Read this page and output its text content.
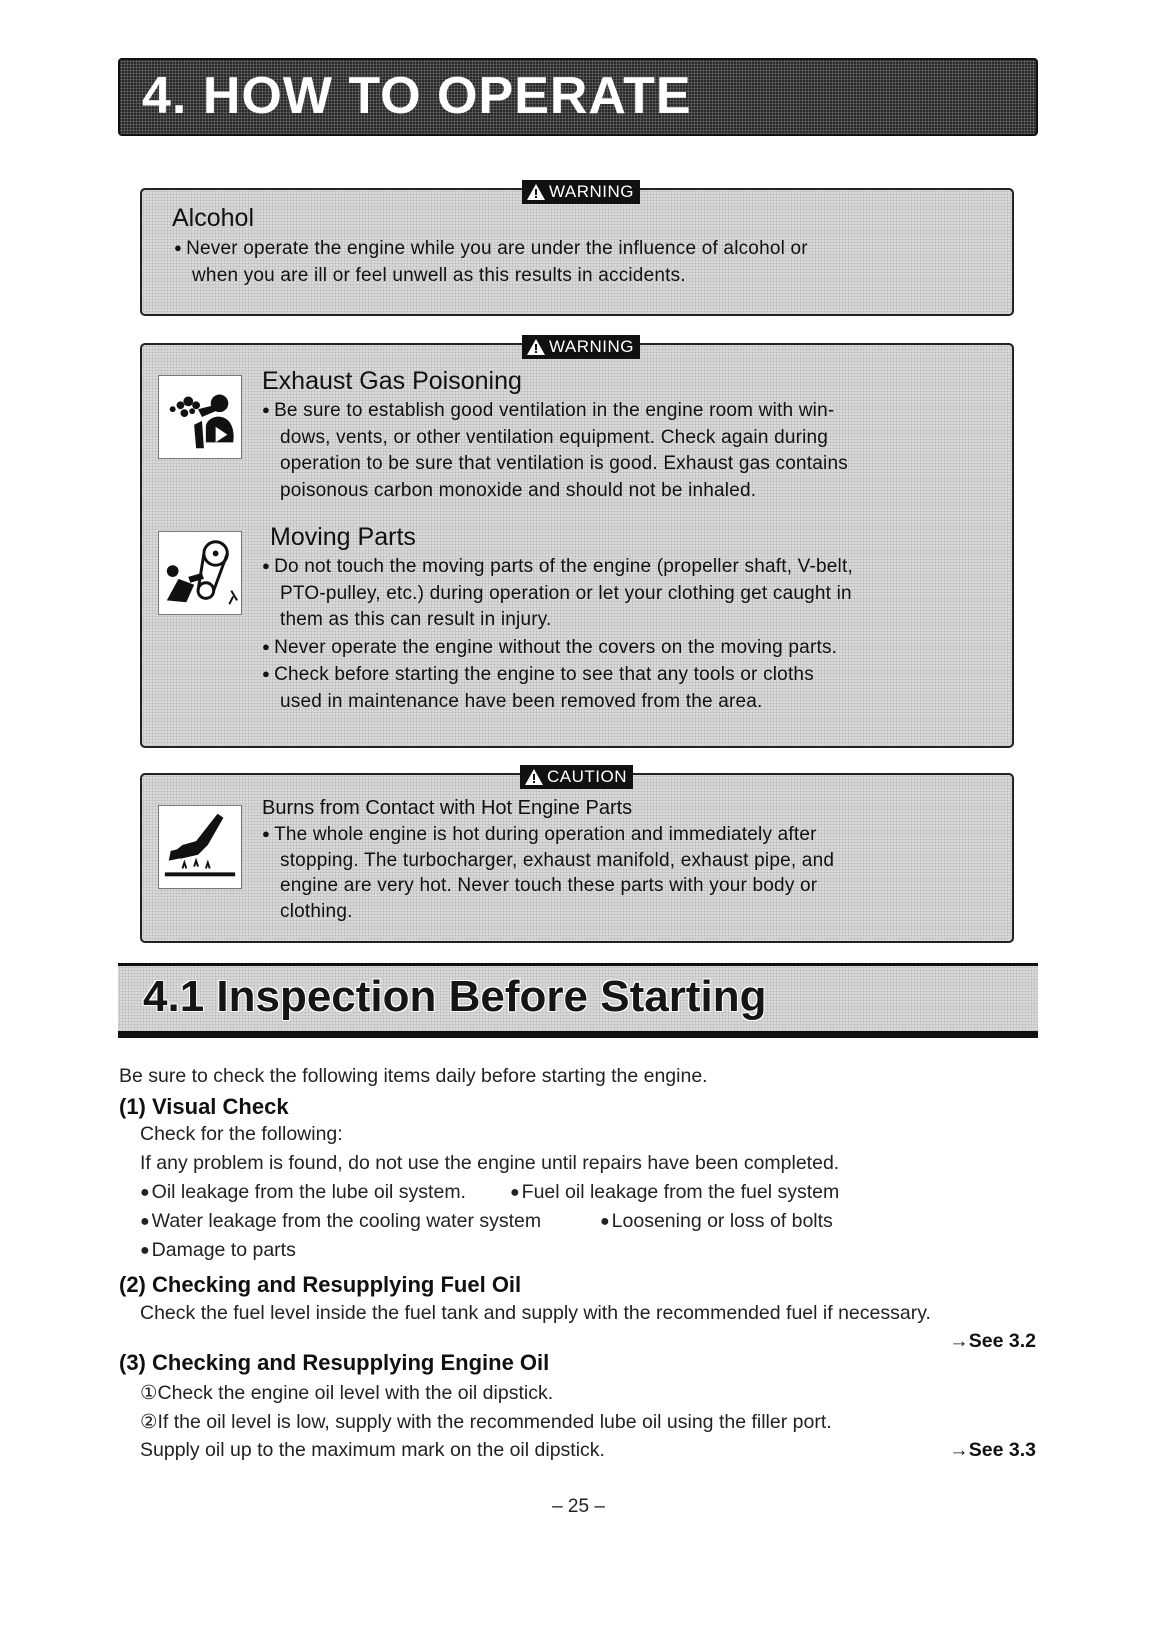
4. HOW TO OPERATE
WARNING
Alcohol
● Never operate the engine while you are under the influence of alcohol or
when you are ill or feel unwell as this results in accidents.
WARNING
Exhaust Gas Poisoning
● Be sure to establish good ventilation in the engine room with win-
dows, vents, or other ventilation equipment. Check again during
operation to be sure that ventilation is good. Exhaust gas contains
poisonous carbon monoxide and should not be inhaled.
Moving Parts
● Do not touch the moving parts of the engine (propeller shaft, V-belt,
PTO-pulley, etc.) during operation or let your clothing get caught in
them as this can result in injury.
● Never operate the engine without the covers on the moving parts.
● Check before starting the engine to see that any tools or cloths
used in maintenance have been removed from the area.
CAUTION
Burns from Contact with Hot Engine Parts
● The whole engine is hot during operation and immediately after
stopping. The turbocharger, exhaust manifold, exhaust pipe, and
engine are very hot. Never touch these parts with your body or
clothing.
4.1 Inspection Before Starting
Be sure to check the following items daily before starting the engine.
(1) Visual Check
Check for the following:
If any problem is found, do not use the engine until repairs have been completed.
● Oil leakage from the lube oil system.	● Fuel oil leakage from the fuel system
● Water leakage from the cooling water system	● Loosening or loss of bolts
● Damage to parts
(2) Checking and Resupplying Fuel Oil
Check the fuel level inside the fuel tank and supply with the recommended fuel if necessary.
→See 3.2
(3) Checking and Resupplying Engine Oil
①Check the engine oil level with the oil dipstick.
②If the oil level is low, supply with the recommended lube oil using the filler port.
Supply oil up to the maximum mark on the oil dipstick.	→See 3.3
– 25 –
